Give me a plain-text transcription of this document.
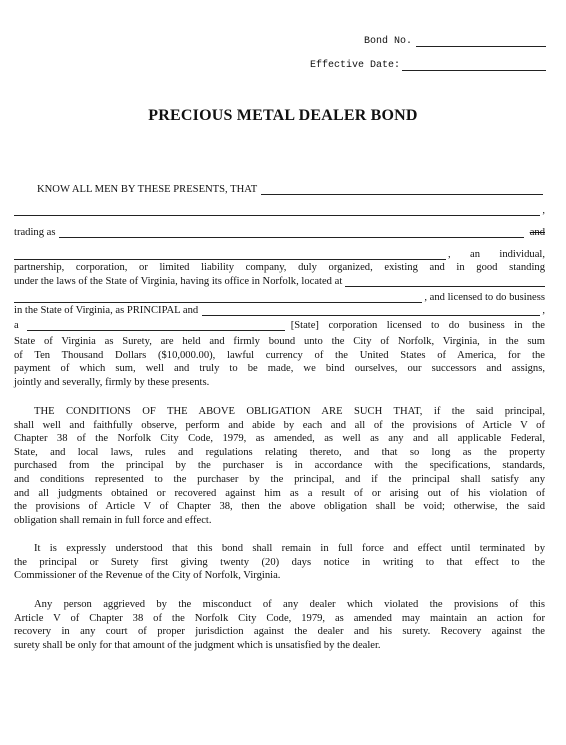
Bond No.
Effective Date:
PRECIOUS METAL DEALER BOND
KNOW ALL MEN BY THESE PRESENTS, THAT
,
trading as	and
, an individual,
partnership, corporation, or limited liability company, duly organized, existing and in good standing
under the laws of the State of Virginia, having its office in Norfolk, located at
, and licensed to do business
in the State of Virginia, as PRINCIPAL and	,
a	[State] corporation licensed to do business in the
State of Virginia as Surety, are held and firmly bound unto the City of Norfolk, Virginia, in the sum
of Ten Thousand Dollars ($10,000.00), lawful currency of the United States of America, for the
payment of which sum, well and truly to be made, we bind ourselves, our successors and assigns,
jointly and severally, firmly by these presents.
THE CONDITIONS OF THE ABOVE OBLIGATION ARE SUCH THAT, if the said principal,
shall well and faithfully observe, perform and abide by each and all of the provisions of Article V of
Chapter 38 of the Norfolk City Code, 1979, as amended, as well as any and all applicable Federal,
State, and local laws, rules and regulations relating thereto, and that so long as the property
purchased from the principal by the purchaser is in accordance with the specifications, standards,
and conditions represented to the purchaser by the principal, and if the principal shall satisfy any
and all judgments obtained or recovered against him as a result of or arising out of his violation of
the provisions of Article V of Chapter 38, then the above obligation shall be void; otherwise, the said
obligation shall remain in full force and effect.
It is expressly understood that this bond shall remain in full force and effect until terminated by
the principal or Surety first giving twenty (20) days notice in writing to that effect to the
Commissioner of the Revenue of the City of Norfolk, Virginia.
Any person aggrieved by the misconduct of any dealer which violated the provisions of this
Article V of Chapter 38 of the Norfolk City Code, 1979, as amended may maintain an action for
recovery in any court of proper jurisdiction against the dealer and his surety. Recovery against the
surety shall be only for that amount of the judgment which is unsatisfied by the dealer.
